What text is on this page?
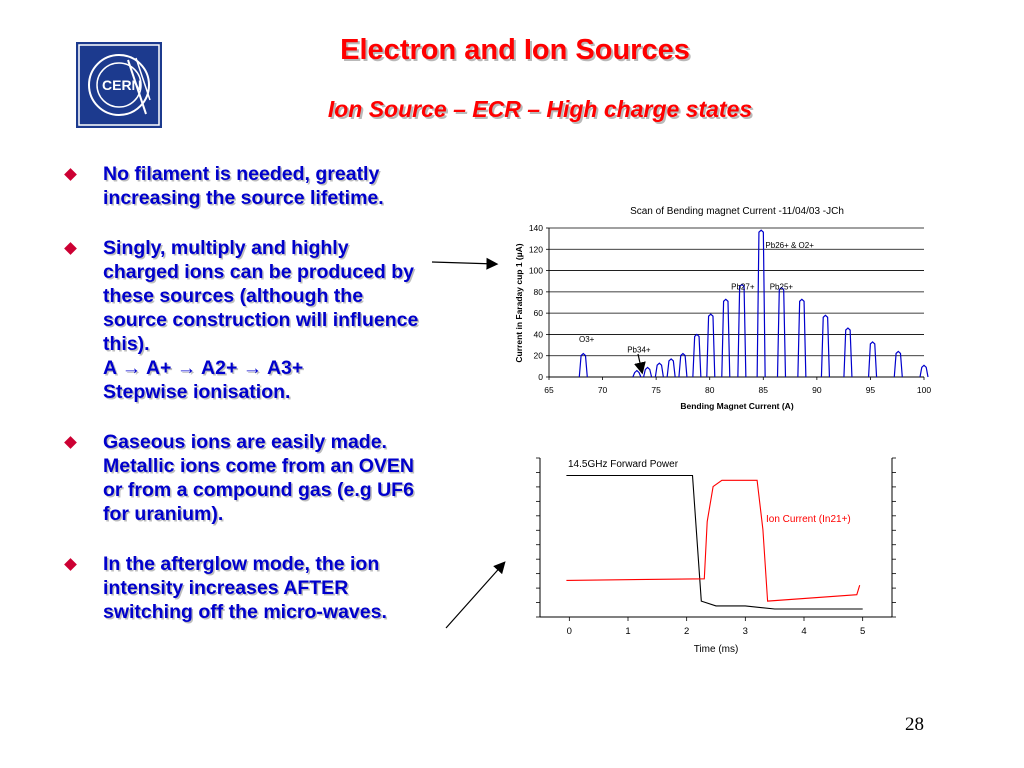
CERN
Electron and Ion Sources
Ion Source – ECR – High charge states
No filament is needed, greatly
increasing the source lifetime.
Singly, multiply and highly
charged ions can be produced by
these sources (although the
source construction will influence
this).
A → A+ → A2+ → A3+
Stepwise ionisation.
Gaseous ions are easily made.
Metallic ions come from an OVEN
or from a compound gas (e.g UF6
for uranium).
In the afterglow mode, the ion
intensity increases AFTER
switching off the micro-waves.
Scan of Bending magnet Current -11/04/03 -JCh
0
20
40
60
80
100
120
140
65	70	75	80	85	90	95	100
Bending Magnet Current (A)
Current in Faraday cup 1 (µA)	Pb26+ & O2+
Pb27+ Pb25+
O3+
Pb34+
0	1	2	3	4	5
Time (ms)
14.5GHz Forward Power
Ion Current (In21+)
28
